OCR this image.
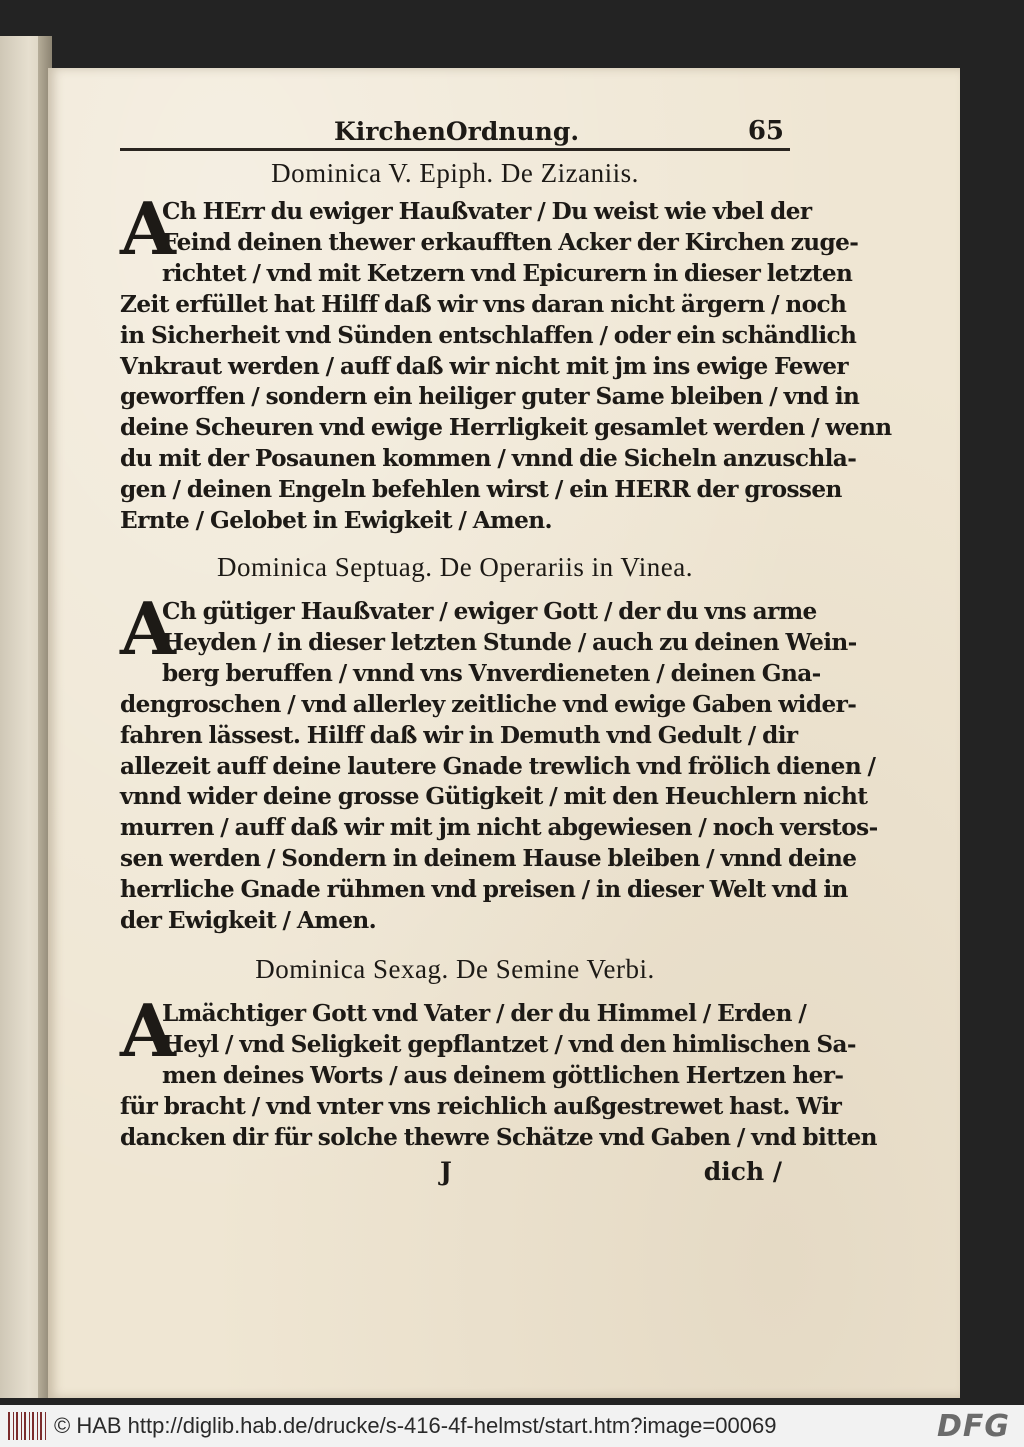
KirchenOrdnung.	65
Dominica V. Epiph. De Zizaniis.
A
Ch HErr du ewiger Haußvater / Du weist wie vbel der
Feind deinen thewer erkaufften Acker der Kirchen zuge-
richtet / vnd mit Ketzern vnd Epicurern in dieser letzten
Zeit erfüllet hat Hilff daß wir vns daran nicht ärgern / noch
in Sicherheit vnd Sünden entschlaffen / oder ein schändlich
Vnkraut werden / auff daß wir nicht mit jm ins ewige Fewer
geworffen / sondern ein heiliger guter Same bleiben / vnd in
deine Scheuren vnd ewige Herrligkeit gesamlet werden / wenn
du mit der Posaunen kommen / vnnd die Sicheln anzuschla-
gen / deinen Engeln befehlen wirst / ein HERR der grossen
Ernte / Gelobet in Ewigkeit / Amen.
Dominica Septuag. De Operariis in Vinea.
A
Ch gütiger Haußvater / ewiger Gott / der du vns arme
Heyden / in dieser letzten Stunde / auch zu deinen Wein-
berg beruffen / vnnd vns Vnverdieneten / deinen Gna-
dengroschen / vnd allerley zeitliche vnd ewige Gaben wider-
fahren lässest. Hilff daß wir in Demuth vnd Gedult / dir
allezeit auff deine lautere Gnade trewlich vnd frölich dienen /
vnnd wider deine grosse Gütigkeit / mit den Heuchlern nicht
murren / auff daß wir mit jm nicht abgewiesen / noch verstos-
sen werden / Sondern in deinem Hause bleiben / vnnd deine
herrliche Gnade rühmen vnd preisen / in dieser Welt vnd in
der Ewigkeit / Amen.
Dominica Sexag. De Semine Verbi.
A
Lmächtiger Gott vnd Vater / der du Himmel / Erden /
Heyl / vnd Seligkeit gepflantzet / vnd den himlischen Sa-
men deines Worts / aus deinem göttlichen Hertzen her-
für bracht / vnd vnter vns reichlich außgestrewet hast. Wir
dancken dir für solche thewre Schätze vnd Gaben / vnd bitten
J	dich /
© HAB http://diglib.hab.de/drucke/s-416-4f-helmst/start.htm?image=00069	DFG
